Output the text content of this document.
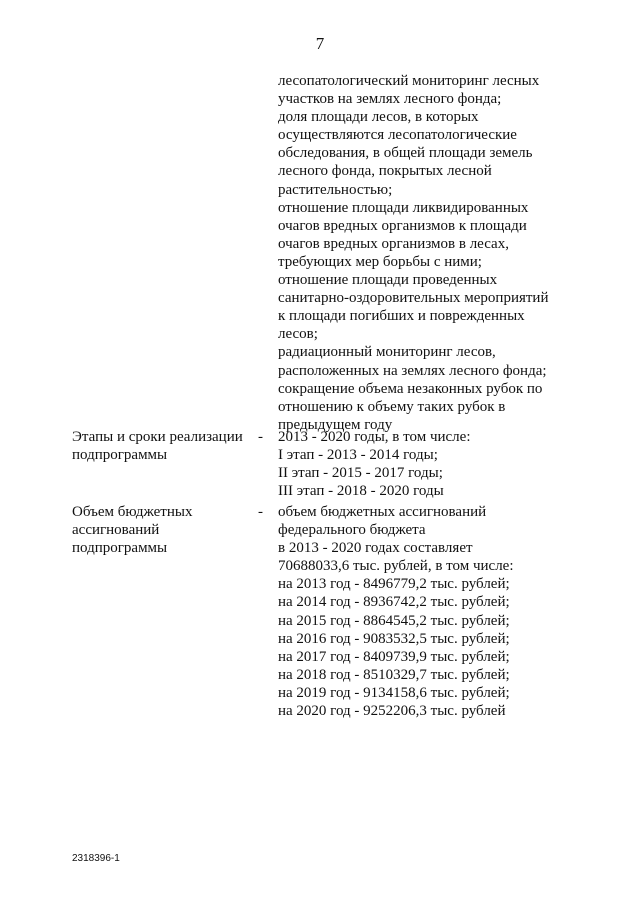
7
лесопатологический мониторинг лесных
участков на землях лесного фонда;
доля площади лесов, в которых
осуществляются лесопатологические
обследования, в общей площади земель
лесного фонда, покрытых лесной
растительностью;
отношение площади ликвидированных
очагов вредных организмов к площади
очагов вредных организмов в лесах,
требующих мер борьбы с ними;
отношение площади проведенных
санитарно-оздоровительных мероприятий
к площади погибших и поврежденных
лесов;
радиационный мониторинг лесов,
расположенных на землях лесного фонда;
сокращение объема незаконных рубок по
отношению к объему таких рубок в
предыдущем году
Этапы и сроки реализации
подпрограммы
- 2013 - 2020 годы, в том числе:
I этап - 2013 - 2014 годы;
II этап - 2015 - 2017 годы;
III этап - 2018 - 2020 годы
Объем бюджетных
ассигнований
подпрограммы
- объем бюджетных ассигнований
федерального бюджета
в 2013 - 2020 годах составляет
70688033,6 тыс. рублей, в том числе:
на 2013 год - 8496779,2 тыс. рублей;
на 2014 год - 8936742,2 тыс. рублей;
на 2015 год - 8864545,2 тыс. рублей;
на 2016 год - 9083532,5 тыс. рублей;
на 2017 год - 8409739,9 тыс. рублей;
на 2018 год - 8510329,7 тыс. рублей;
на 2019 год - 9134158,6 тыс. рублей;
на 2020 год - 9252206,3 тыс. рублей
2318396-1
